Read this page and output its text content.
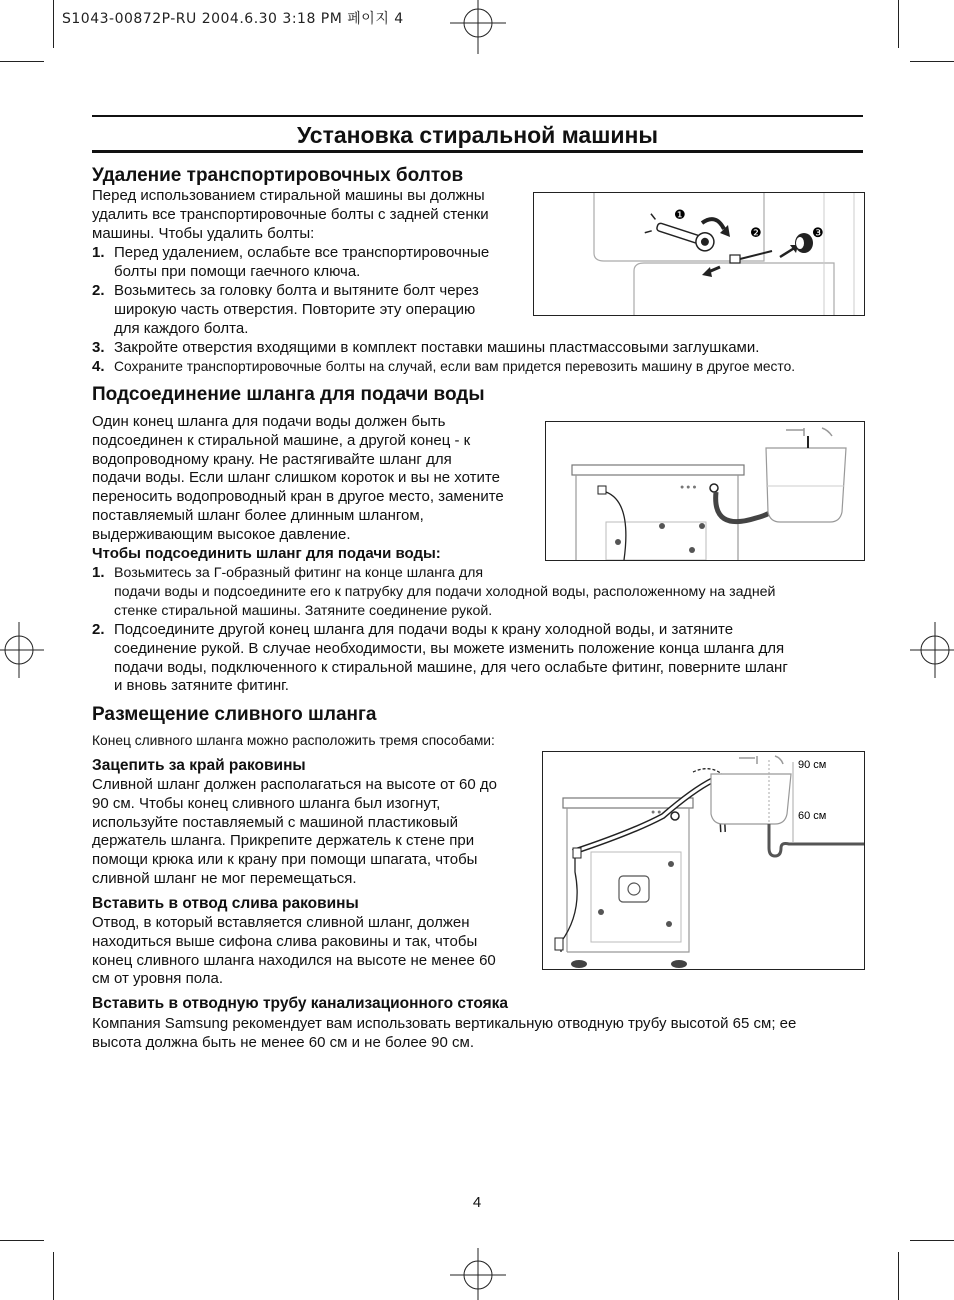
S1043-00872P-RU 2004.6.30 3:18 PM 페이지 4
Установка стиральной машины
Удаление транспортировочных болтов
Перед использованием стиральной машины вы должны
удалить все транспортировочные болты с задней стенки
машины. Чтобы удалить болты:
1. Перед удалением, ослабьте все транспортировочные
болты при помощи гаечного ключа.
2. Возьмитесь за головку болта и вытяните болт через
широкую часть отверстия. Повторите эту операцию
для каждого болта.
3. Закройте отверстия входящими в комплект поставки машины пластмассовыми заглушками.
4. Сохраните транспортировочные болты на случай, если вам придется перевозить машину в другое место.
❶
❷	❸
Подсоединение шланга для подачи воды
Один конец шланга для подачи воды должен быть
подсоединен к стиральной машине, а другой конец - к
водопроводному крану. Не растягивайте шланг для
подачи воды. Если шланг слишком короток и вы не хотите
переносить водопроводный кран в другое место, замените
поставляемый шланг более длинным шлангом,
выдерживающим высокое давление.
Чтобы подсоединить шланг для подачи воды:
1. Возьмитесь за Г-образный фитинг на конце шланга для
подачи воды и подсоедините его к патрубку для подачи холодной воды, расположенному на задней
стенке стиральной машины. Затяните соединение рукой.
2. Подсоедините другой конец шланга для подачи воды к крану холодной воды, и затяните
соединение рукой. В случае необходимости, вы можете изменить положение конца шланга для
подачи воды, подключенного к стиральной машине, для чего ослабьте фитинг, поверните шланг
и вновь затяните фитинг.
● ● ●
Размещение сливного шланга
Конец сливного шланга можно расположить тремя способами:
Зацепить за край раковины
Сливной шланг должен располагаться на высоте от 60 до
90 см. Чтобы конец сливного шланга был изогнут,
используйте поставляемый с машиной пластиковый
держатель шланга. Прикрепите держатель к стене при
помощи крюка или к крану при помощи шпагата, чтобы
сливной шланг не мог перемещаться.
Вставить в отвод слива раковины
Отвод, в который вставляется сливной шланг, должен
находиться выше сифона слива раковины и так, чтобы
конец сливного шланга находился на высоте не менее 60
см от уровня пола.
Вставить в отводную трубу канализационного стояка
Компания Samsung рекомендует вам использовать вертикальную отводную трубу высотой 65 см; ее
высота должна быть не менее 60 см и не более 90 см.
● ● ●
90 см
60 см
4
